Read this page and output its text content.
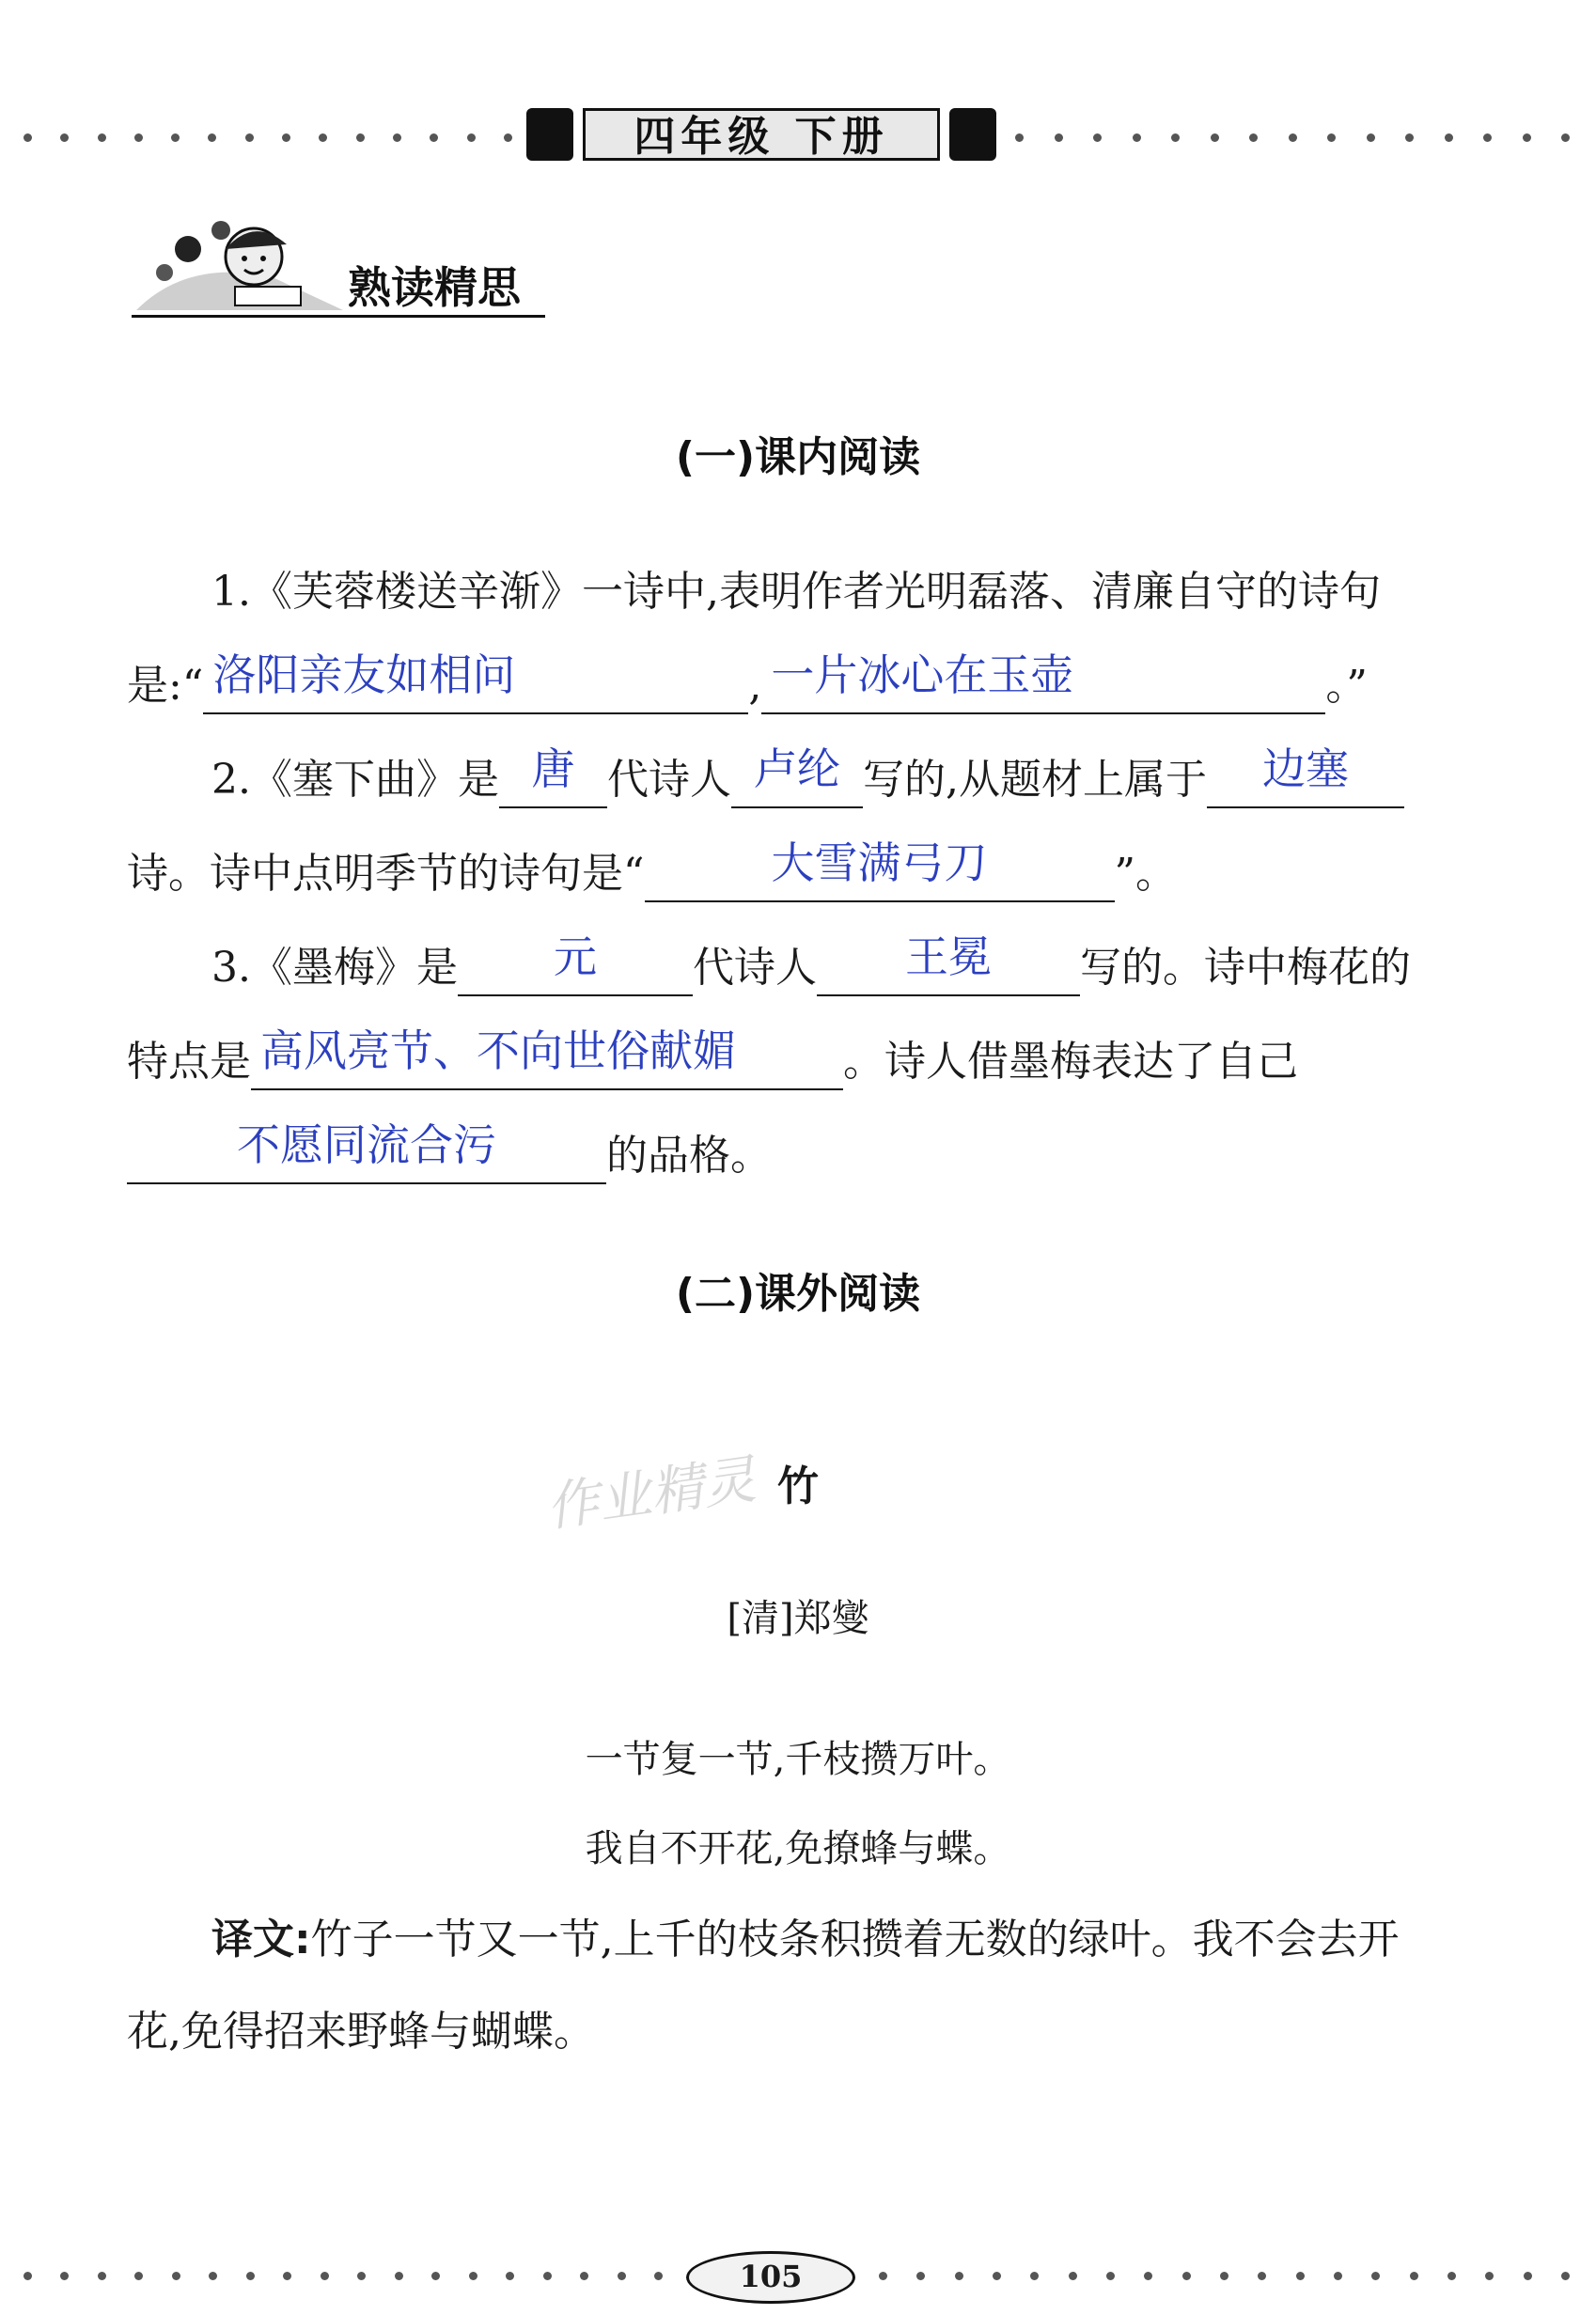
四年级 下册
熟读精思
(一)课内阅读
1.《芙蓉楼送辛渐》一诗中,表明作者光明磊落、清廉自守的诗句
是:“ 洛阳亲友如相问	, 一片冰心在玉壶	。”
2.《塞下曲》是 唐 代诗人 卢纶 写的,从题材上属于	边塞
诗。诗中点明季节的诗句是“	大雪满弓刀	”。
3.《墨梅》是	元	代诗人	王冕	写的。诗中梅花的
特点是 高风亮节、不向世俗献媚	。诗人借墨梅表达了自己
不愿同流合污	的品格。
(二)课外阅读
作业精灵 竹
[清]郑燮
一节复一节,千枝攒万叶。
我自不开花,免撩蜂与蝶。
译文:竹子一节又一节,上千的枝条积攒着无数的绿叶。我不会去开花,免得招来野蜂与蝴蝶。
105
